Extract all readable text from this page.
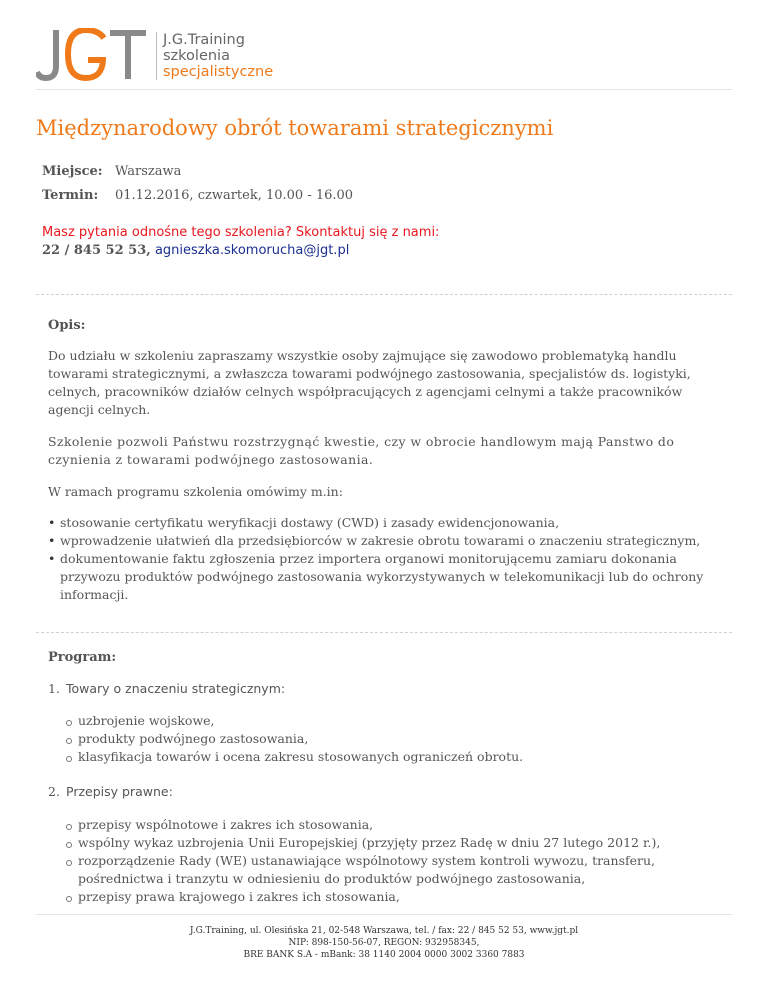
J.G.Training
szkolenia
specjalistyczne
Międzynarodowy obrót towarami strategicznymi
Miejsce: Warszawa
Termin: 01.12.2016, czwartek, 10.00 - 16.00
Masz pytania odnośne tego szkolenia? Skontaktuj się z nami:
22 / 845 52 53, agnieszka.skomorucha@jgt.pl
Opis:

Do udziału w szkoleniu zapraszamy wszystkie osoby zajmujące się zawodowo problematyką handlu towarami strategicznymi, a zwłaszcza towarami podwójnego zastosowania, specjalistów ds. logistyki, celnych, pracowników działów celnych współpracujących z agencjami celnymi a także pracowników agencji celnych.

Szkolenie pozwoli Państwu rozstrzygnąć kwestie, czy w obrocie handlowym mają Panstwo do czynienia z towarami podwójnego zastosowania.

W ramach programu szkolenia omówimy m.in:

• stosowanie certyfikatu weryfikacji dostawy (CWD) i zasady ewidencjonowania,
• wprowadzenie ułatwień dla przedsiębiorców w zakresie obrotu towarami o znaczeniu strategicznym,
• dokumentowanie faktu zgłoszenia przez importera organowi monitorującemu zamiaru dokonania przywozu produktów podwójnego zastosowania wykorzystywanych w telekomunikacji lub do ochrony informacji.
Program:
1. Towary o znaczeniu strategicznym:
uzbrojenie wojskowe,
produkty podwójnego zastosowania,
klasyfikacja towarów i ocena zakresu stosowanych ograniczeń obrotu.
2. Przepisy prawne:
przepisy wspólnotowe i zakres ich stosowania,
wspólny wykaz uzbrojenia Unii Europejskiej (przyjęty przez Radę w dniu 27 lutego 2012 r.),
rozporządzenie Rady (WE) ustanawiające wspólnotowy system kontroli wywozu, transferu, pośrednictwa i tranzytu w odniesieniu do produktów podwójnego zastosowania,
przepisy prawa krajowego i zakres ich stosowania,
J.G.Training, ul. Olesińska 21, 02-548 Warszawa, tel. / fax: 22 / 845 52 53, www.jgt.pl
NIP: 898-150-56-07, REGON: 932958345,
BRE BANK S.A - mBank: 38 1140 2004 0000 3002 3360 7883
